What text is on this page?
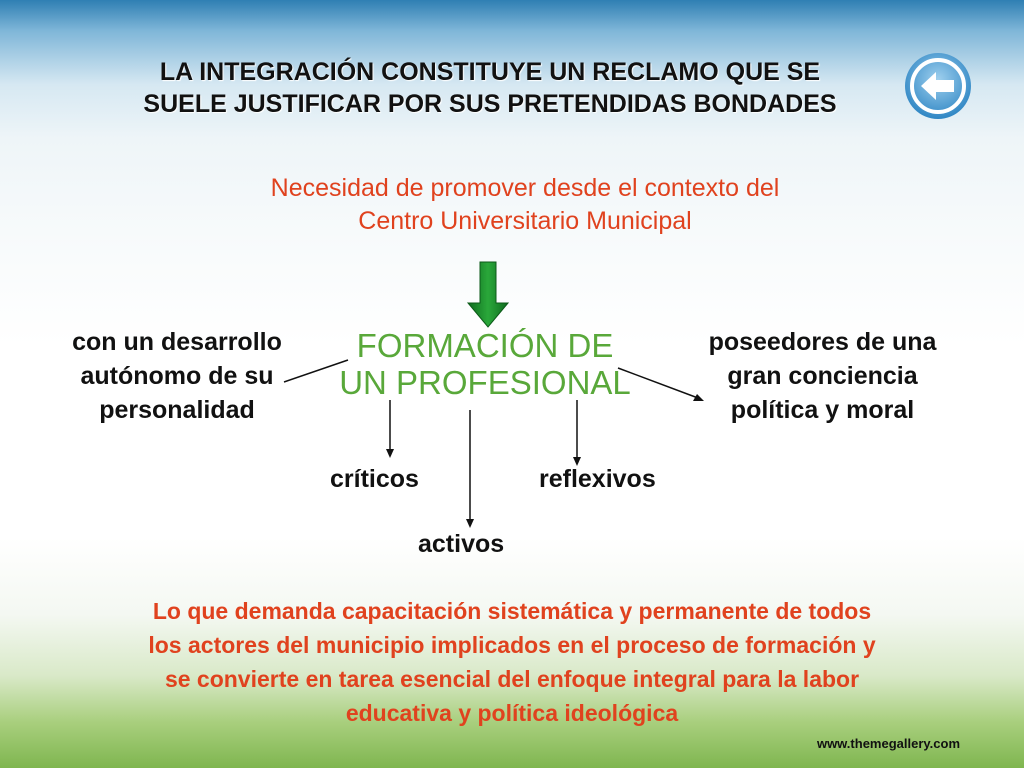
LA INTEGRACIÓN CONSTITUYE UN RECLAMO QUE SE
SUELE JUSTIFICAR POR SUS PRETENDIDAS BONDADES
Necesidad de promover desde el contexto del
Centro Universitario Municipal
FORMACIÓN DE
UN PROFESIONAL
con un desarrollo
autónomo de su
personalidad
poseedores de una
gran conciencia
política y moral
críticos	reflexivos
activos
Lo que demanda capacitación sistemática y permanente de todos
los actores del municipio implicados en el proceso de formación y
se convierte en tarea esencial del enfoque integral para la labor
educativa y política ideológica
www.themegallery.com
